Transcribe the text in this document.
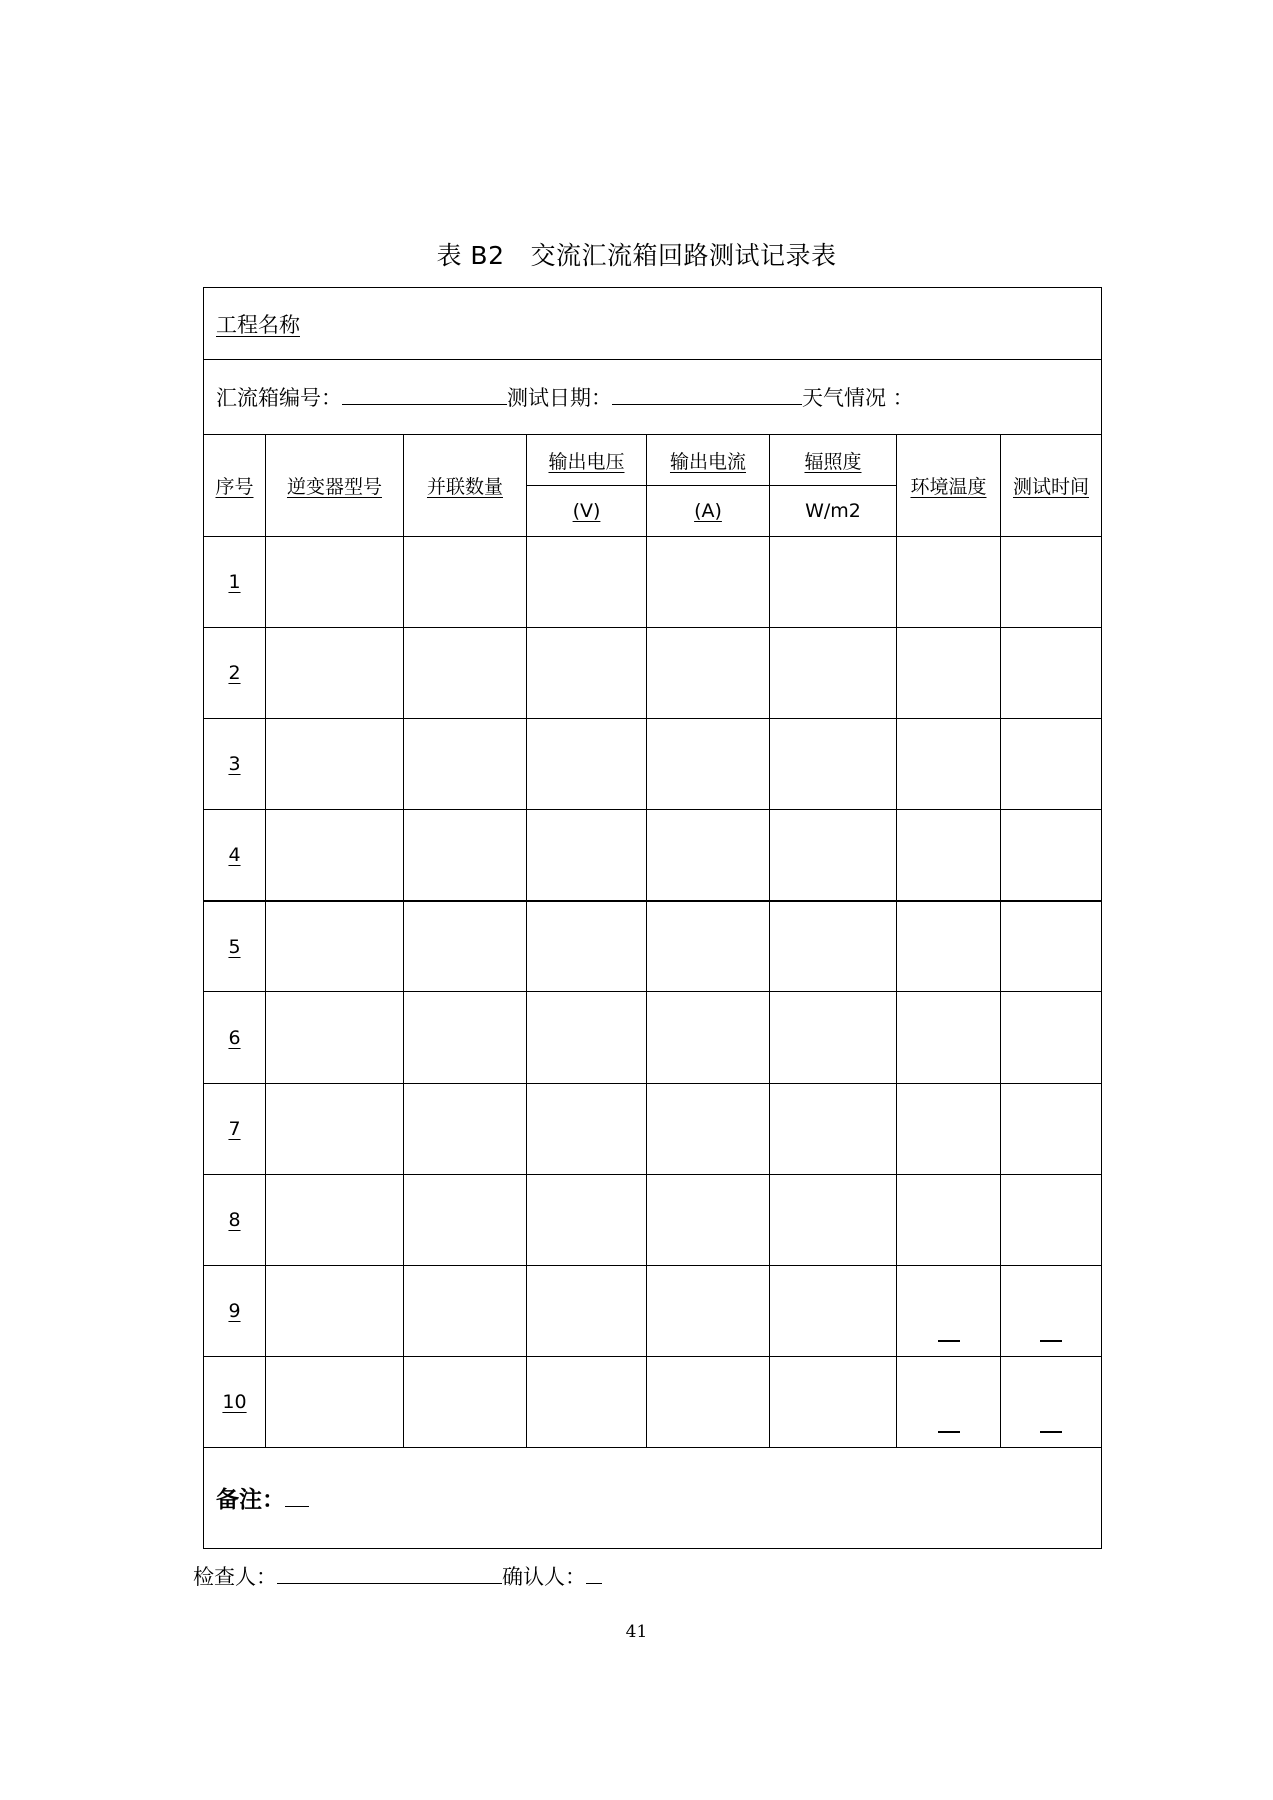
表 B2 交流汇流箱回路测试记录表
工程名称							
汇流箱编号： 测试日期： 天气情况 ：							
序号	逆变器型号	并联数量	输出电压	输出电流	辐照度	环境温度	测试时间
			(V)	(A)	W/m2		
1							
2							
3							
4							
5							
6							
7							
8							
9						

10						

备注：							
检查人：	确认人：
41
